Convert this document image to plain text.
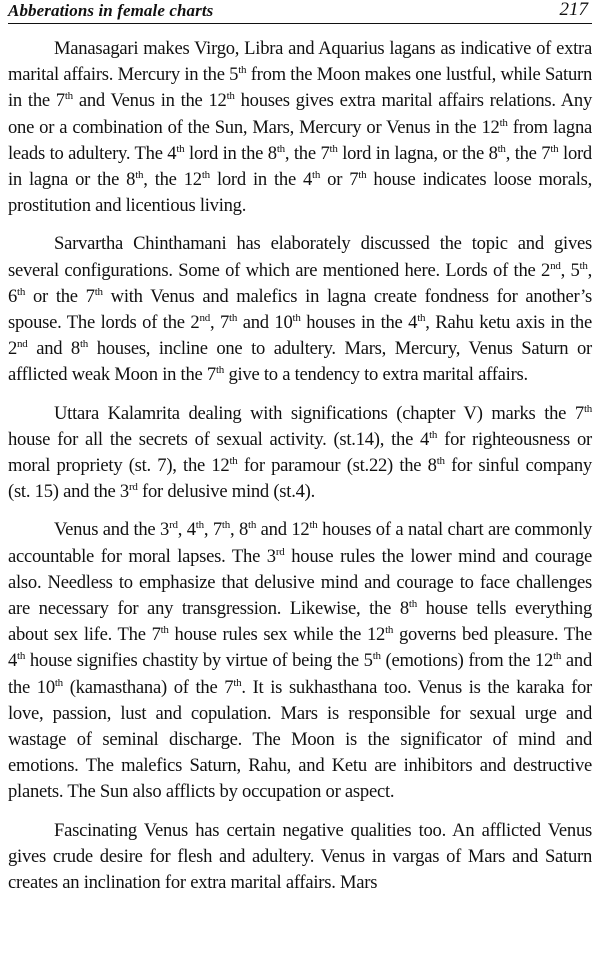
Abberations in female charts	217

Manasagari makes Virgo, Libra and Aquarius lagans as indicative of extra marital affairs. Mercury in the 5th from the Moon makes one lustful, while Saturn in the 7th and Venus in the 12th houses gives extra marital affairs relations. Any one or a combination of the Sun, Mars, Mercury or Venus in the 12th from lagna leads to adultery. The 4th lord in the 8th, the 7th lord in lagna, or the 8th, the 7th lord in lagna or the 8th, the 12th lord in the 4th or 7th house indicates loose morals, prostitution and licentious living.

Sarvartha Chinthamani has elaborately discussed the topic and gives several configurations. Some of which are mentioned here. Lords of the 2nd, 5th, 6th or the 7th with Venus and malefics in lagna create fondness for another’s spouse. The lords of the 2nd, 7th and 10th houses in the 4th, Rahu ketu axis in the 2nd and 8th houses, incline one to adultery. Mars, Mercury, Venus Saturn or afflicted weak Moon in the 7th give to a tendency to extra marital affairs.

Uttara Kalamrita dealing with significations (chapter V) marks the 7th house for all the secrets of sexual activity. (st.14), the 4th for righteousness or moral propriety (st. 7), the 12th for paramour (st.22) the 8th for sinful company (st. 15) and the 3rd for delusive mind (st.4).

Venus and the 3rd, 4th, 7th, 8th and 12th houses of a natal chart are commonly accountable for moral lapses. The 3rd house rules the lower mind and courage also. Needless to emphasize that delusive mind and courage to face challenges are necessary for any transgression. Likewise, the 8th house tells everything about sex life. The 7th house rules sex while the 12th governs bed pleasure. The 4th house signifies chastity by virtue of being the 5th (emotions) from the 12th and the 10th (kamasthana) of the 7th. It is sukhasthana too. Venus is the karaka for love, passion, lust and copulation. Mars is responsible for sexual urge and wastage of seminal discharge. The Moon is the significator of mind and emotions. The malefics Saturn, Rahu, and Ketu are inhibitors and destructive planets. The Sun also afflicts by occupation or aspect.

Fascinating Venus has certain negative qualities too. An afflicted Venus gives crude desire for flesh and adultery. Venus in vargas of Mars and Saturn creates an inclination for extra marital affairs. Mars
